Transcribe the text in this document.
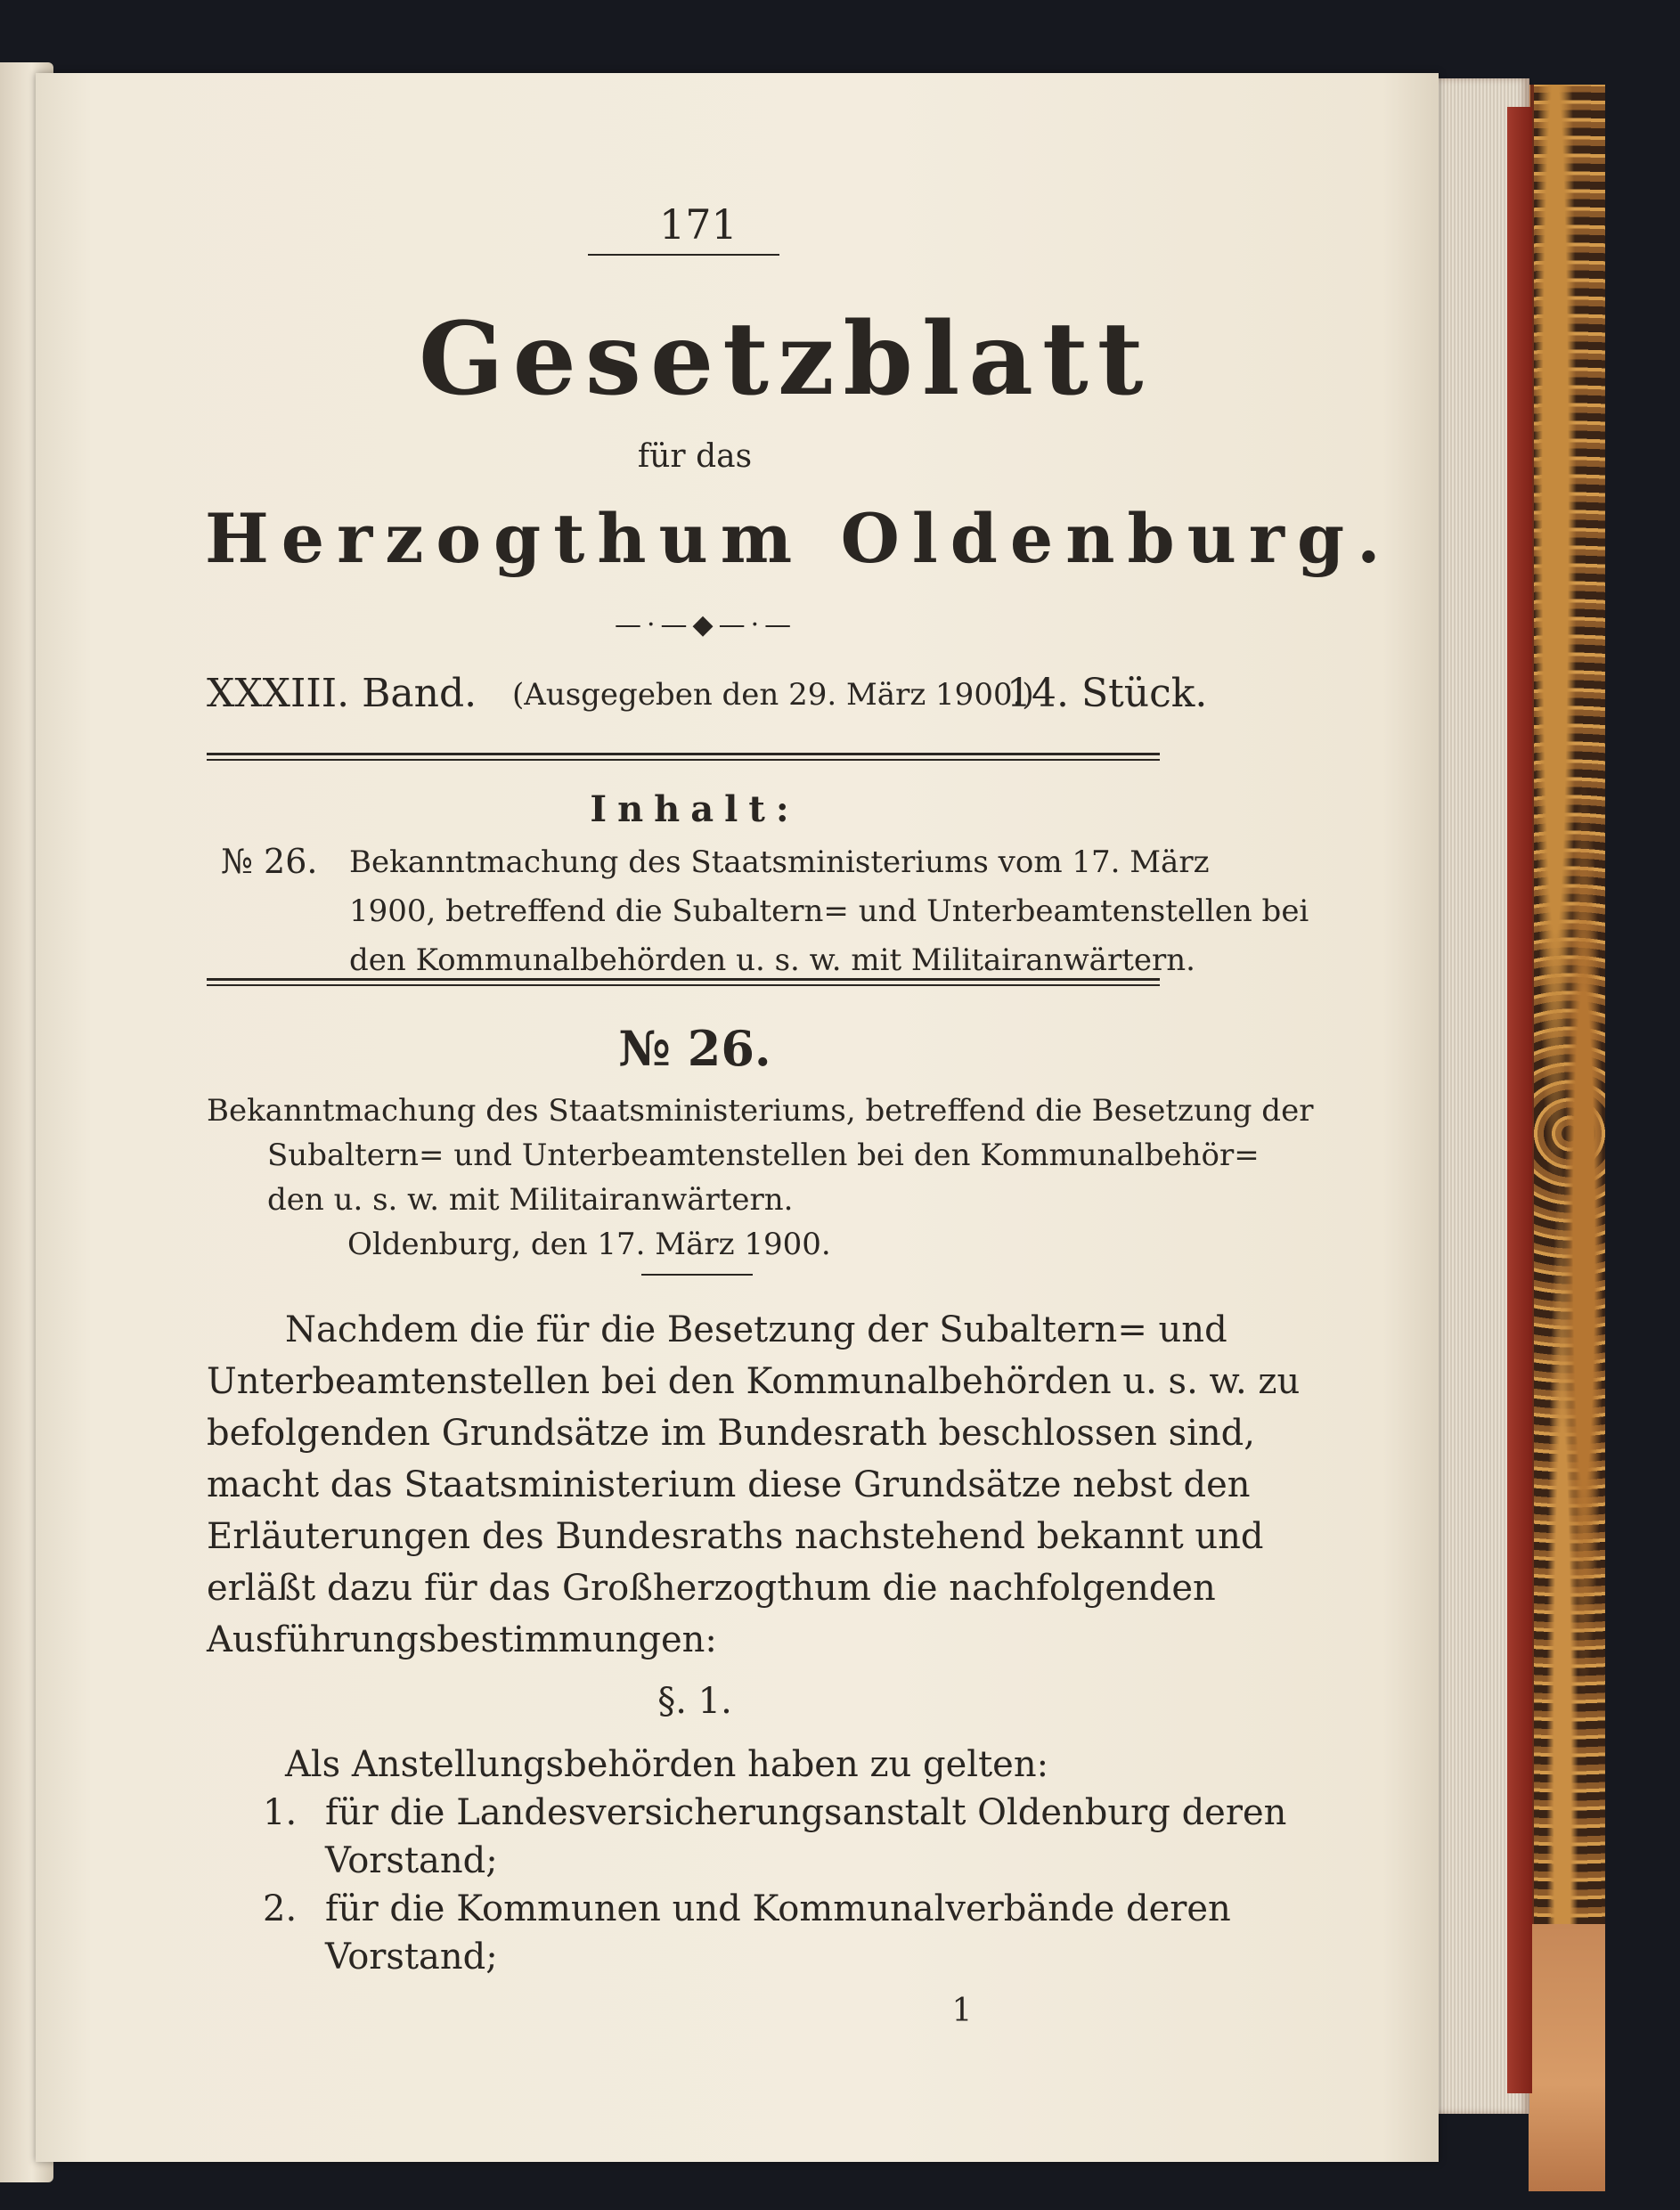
171
Gesetzblatt
für das
Herzogthum Oldenburg.
—·—◆—·—
XXXIII. Band. (Ausgegeben den 29. März 1900.)
14. Stück.
Inhalt:
№ 26. Bekanntmachung des Staatsministeriums vom 17. März
1900, betreffend die Subaltern= und Unterbeamtenstellen bei
den Kommunalbehörden u. s. w. mit Militairanwärtern.
№ 26.
Bekanntmachung des Staatsministeriums, betreffend die Besetzung der
Subaltern= und Unterbeamtenstellen bei den Kommunalbehör=
den u. s. w. mit Militairanwärtern.
Oldenburg, den 17. März 1900.
Nachdem die für die Besetzung der Subaltern= und
Unterbeamtenstellen bei den Kommunalbehörden u. s. w. zu
befolgenden Grundsätze im Bundesrath beschlossen sind,
macht das Staatsministerium diese Grundsätze nebst den
Erläuterungen des Bundesraths nachstehend bekannt und
erläßt dazu für das Großherzogthum die nachfolgenden
Ausführungsbestimmungen:
§. 1.
Als Anstellungsbehörden haben zu gelten:
1. für die Landesversicherungsanstalt Oldenburg deren
Vorstand;
2. für die Kommunen und Kommunalverbände deren
Vorstand;
1
